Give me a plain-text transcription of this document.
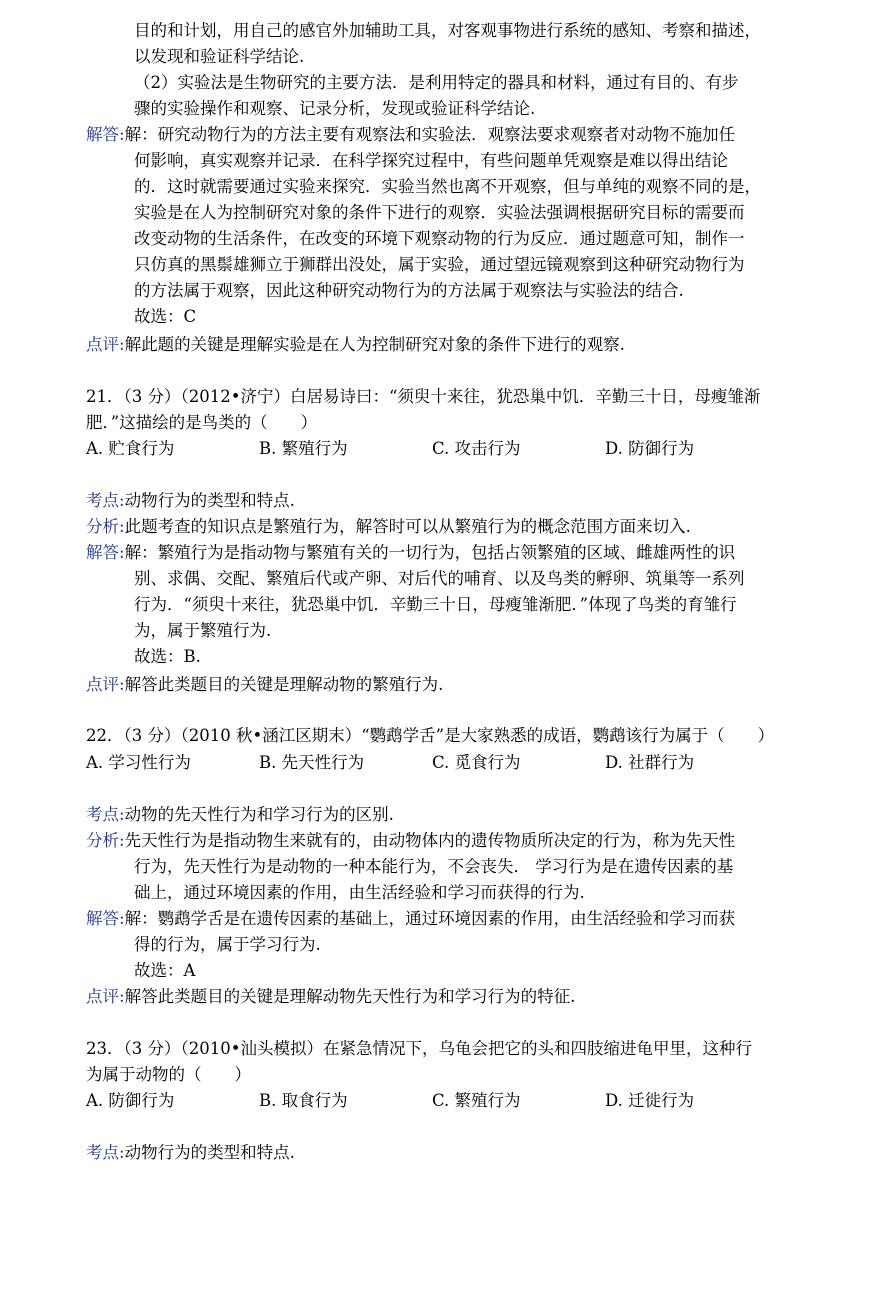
目的和计划，用自己的感官外加辅助工具，对客观事物进行系统的感知、考察和描述，
以发现和验证科学结论.
（2）实验法是生物研究的主要方法．是利用特定的器具和材料，通过有目的、有步
骤的实验操作和观察、记录分析，发现或验证科学结论.
解答:解：研究动物行为的方法主要有观察法和实验法．观察法要求观察者对动物不施加任
何影响，真实观察并记录．在科学探究过程中，有些问题单凭观察是难以得出结论
的．这时就需要通过实验来探究．实验当然也离不开观察，但与单纯的观察不同的是，
实验是在人为控制研究对象的条件下进行的观察．实验法强调根据研究目标的需要而
改变动物的生活条件，在改变的环境下观察动物的行为反应．通过题意可知，制作一
只仿真的黑鬃雄狮立于狮群出没处，属于实验，通过望远镜观察到这种研究动物行为
的方法属于观察，因此这种研究动物行为的方法属于观察法与实验法的结合.
故选：C
点评:解此题的关键是理解实验是在人为控制研究对象的条件下进行的观察.
21．（3 分）（2012•济宁）白居易诗曰：“须臾十来往，犹恐巢中饥．辛勤三十日，母瘦雏渐
肥．”这描绘的是鸟类的（　　）
A. 贮食行为	B. 繁殖行为	C. 攻击行为	D. 防御行为
考点:动物行为的类型和特点.
分析:此题考查的知识点是繁殖行为，解答时可以从繁殖行为的概念范围方面来切入.
解答:解：繁殖行为是指动物与繁殖有关的一切行为，包括占领繁殖的区域、雌雄两性的识
别、求偶、交配、繁殖后代或产卵、对后代的哺育、以及鸟类的孵卵、筑巢等一系列
行为．“须臾十来往，犹恐巢中饥．辛勤三十日，母瘦雏渐肥．”体现了鸟类的育雏行
为，属于繁殖行为.
故选：B.
点评:解答此类题目的关键是理解动物的繁殖行为.
22．（3 分）（2010 秋•涵江区期末）“鹦鹉学舌”是大家熟悉的成语，鹦鹉该行为属于（　　）
A. 学习性行为	B. 先天性行为	C. 觅食行为	D. 社群行为
考点:动物的先天性行为和学习行为的区别.
分析:先天性行为是指动物生来就有的，由动物体内的遗传物质所决定的行为，称为先天性
行为，先天性行为是动物的一种本能行为，不会丧失． 学习行为是在遗传因素的基
础上，通过环境因素的作用，由生活经验和学习而获得的行为.
解答:解：鹦鹉学舌是在遗传因素的基础上，通过环境因素的作用，由生活经验和学习而获
得的行为，属于学习行为.
故选：A
点评:解答此类题目的关键是理解动物先天性行为和学习行为的特征.
23．（3 分）（2010•汕头模拟）在紧急情况下，乌龟会把它的头和四肢缩进龟甲里，这种行
为属于动物的（　　）
A. 防御行为	B. 取食行为	C. 繁殖行为	D. 迁徙行为
考点:动物行为的类型和特点.
